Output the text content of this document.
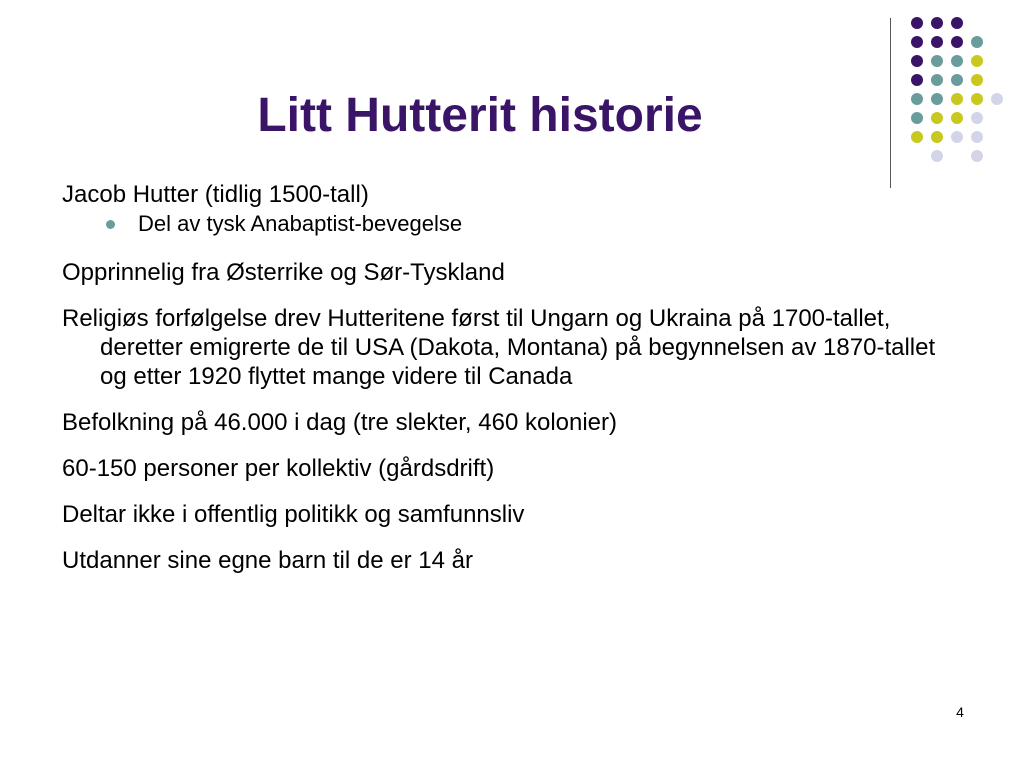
Litt Hutterit historie
Jacob Hutter (tidlig 1500-tall)
Del av tysk Anabaptist-bevegelse
Opprinnelig fra Østerrike og Sør-Tyskland
Religiøs forfølgelse drev Hutteritene først til Ungarn og Ukraina på 1700-tallet, deretter emigrerte de til USA (Dakota, Montana) på begynnelsen av 1870-tallet og etter 1920 flyttet mange videre til Canada
Befolkning på 46.000 i dag (tre slekter, 460 kolonier)
60-150 personer per kollektiv (gårdsdrift)
Deltar ikke i offentlig politikk og samfunnsliv
Utdanner sine egne barn til de er 14 år
4
